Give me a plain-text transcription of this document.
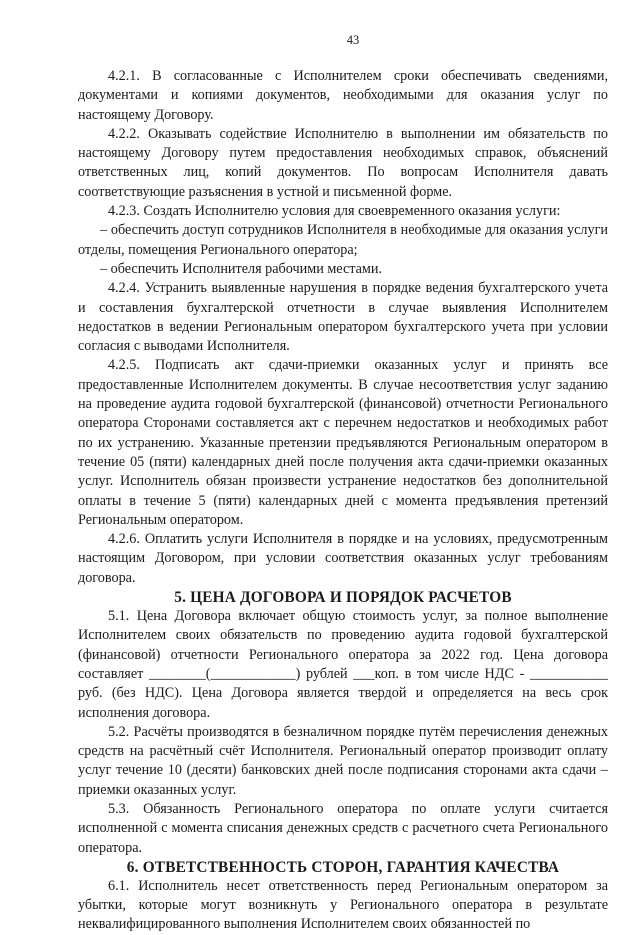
43

4.2.1. В согласованные с Исполнителем сроки обеспечивать сведениями, документами и копиями документов, необходимыми для оказания услуг по настоящему Договору.

4.2.2. Оказывать содействие Исполнителю в выполнении им обязательств по настоящему Договору путем предоставления необходимых справок, объяснений ответственных лиц, копий документов. По вопросам Исполнителя давать соответствующие разъяснения в устной и письменной форме.

4.2.3. Создать Исполнителю условия для своевременного оказания услуги:

– обеспечить доступ сотрудников Исполнителя в необходимые для оказания услуги отделы, помещения Регионального оператора;

– обеспечить Исполнителя рабочими местами.

4.2.4. Устранить выявленные нарушения в порядке ведения бухгалтерского учета и составления бухгалтерской отчетности в случае выявления Исполнителем недостатков в ведении Региональным оператором бухгалтерского учета при условии согласия с выводами Исполнителя.

4.2.5. Подписать акт сдачи-приемки оказанных услуг и принять все предоставленные Исполнителем документы. В случае несоответствия услуг заданию на проведение аудита годовой бухгалтерской (финансовой) отчетности Регионального оператора Сторонами составляется акт с перечнем недостатков и необходимых работ по их устранению. Указанные претензии предъявляются Региональным оператором в течение 05 (пяти) календарных дней после получения акта сдачи-приемки оказанных услуг. Исполнитель обязан произвести устранение недостатков без дополнительной оплаты в течение 5 (пяти) календарных дней с момента предъявления претензий Региональным оператором.

4.2.6. Оплатить услуги Исполнителя в порядке и на условиях, предусмотренным настоящим Договором, при условии соответствия оказанных услуг требованиям договора.

5. ЦЕНА ДОГОВОРА И ПОРЯДОК РАСЧЕТОВ

5.1. Цена Договора включает общую стоимость услуг, за полное выполнение Исполнителем своих обязательств по проведению аудита годовой бухгалтерской (финансовой) отчетности Регионального оператора за 2022 год. Цена договора составляет ________(____________) рублей ___коп. в том числе НДС - ___________ руб. (без НДС). Цена Договора является твердой и определяется на весь срок исполнения договора.

5.2. Расчёты производятся в безналичном порядке путём перечисления денежных средств на расчётный счёт Исполнителя. Региональный оператор производит оплату услуг течение 10 (десяти) банковских дней после подписания сторонами акта сдачи – приемки оказанных услуг.

5.3. Обязанность Регионального оператора по оплате услуги считается исполненной с момента списания денежных средств с расчетного счета Регионального оператора.

6. ОТВЕТСТВЕННОСТЬ СТОРОН, ГАРАНТИЯ КАЧЕСТВА

6.1. Исполнитель несет ответственность перед Региональным оператором за убытки, которые могут возникнуть у Регионального оператора в результате неквалифицированного выполнения Исполнителем своих обязанностей по
